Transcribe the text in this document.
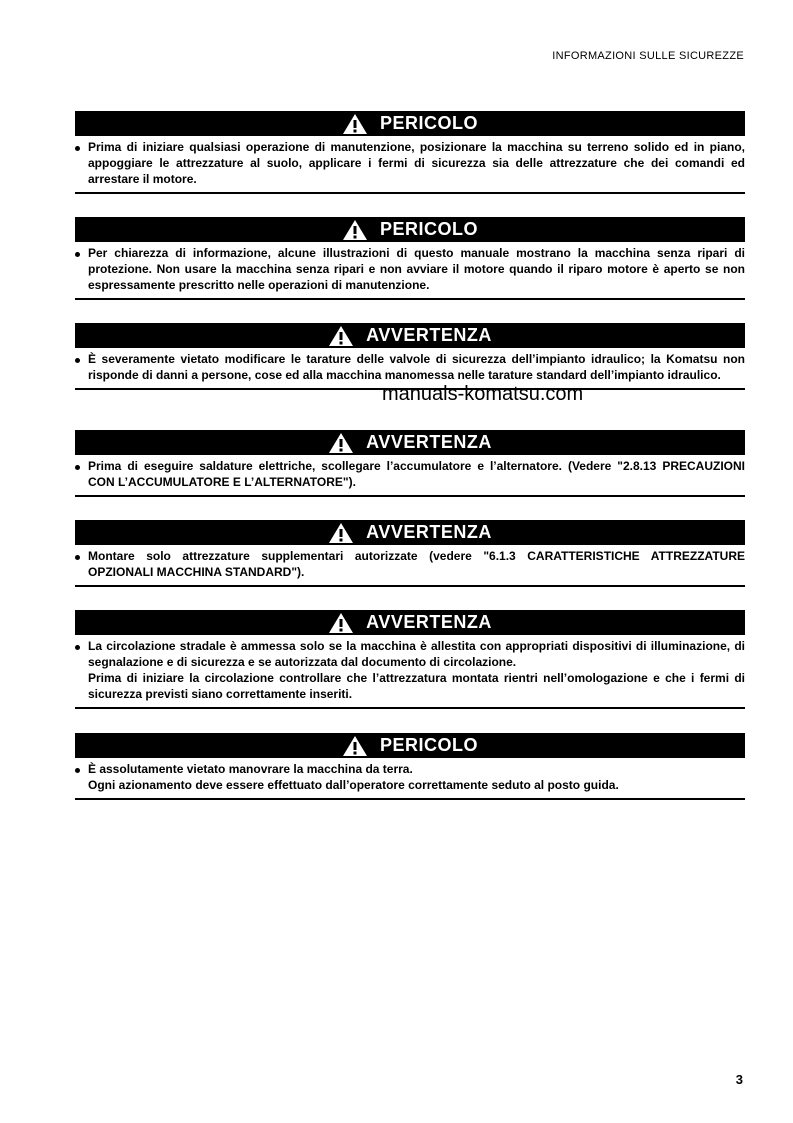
INFORMAZIONI SULLE SICUREZZE
PERICOLO

Prima di iniziare qualsiasi operazione di manutenzione, posizionare la macchina su terreno solido ed in piano, appoggiare le attrezzature al suolo, applicare i fermi di sicurezza sia delle attrezzature che dei comandi ed arrestare il motore.

PERICOLO

Per chiarezza di informazione, alcune illustrazioni di questo manuale mostrano la macchina senza ripari di protezione. Non usare la macchina senza ripari e non avviare il motore quando il riparo motore è aperto se non espressamente prescritto nelle operazioni di manutenzione.

AVVERTENZA

È severamente vietato modificare le tarature delle valvole di sicurezza dell’impianto idraulico; la Komatsu non risponde di danni a persone, cose ed alla macchina manomessa nelle tarature standard dell’impianto idraulico.

AVVERTENZA

Prima di eseguire saldature elettriche, scollegare l’accumulatore e l’alternatore. (Vedere "2.8.13 PRECAUZIONI CON L’ACCUMULATORE E L’ALTERNATORE").

AVVERTENZA

Montare solo attrezzature supplementari autorizzate (vedere "6.1.3 CARATTERISTICHE ATTREZZATURE OPZIONALI MACCHINA STANDARD").

AVVERTENZA

La circolazione stradale è ammessa solo se la macchina è allestita con appropriati dispositivi di illuminazione, di segnalazione e di sicurezza e se autorizzata dal documento di circolazione.

Prima di iniziare la circolazione controllare che l’attrezzatura montata rientri nell’omologazione e che i fermi di sicurezza previsti siano correttamente inseriti.

PERICOLO

È assolutamente vietato manovrare la macchina da terra.

Ogni azionamento deve essere effettuato dall’operatore correttamente seduto al posto guida.

manuals-komatsu.com
3
